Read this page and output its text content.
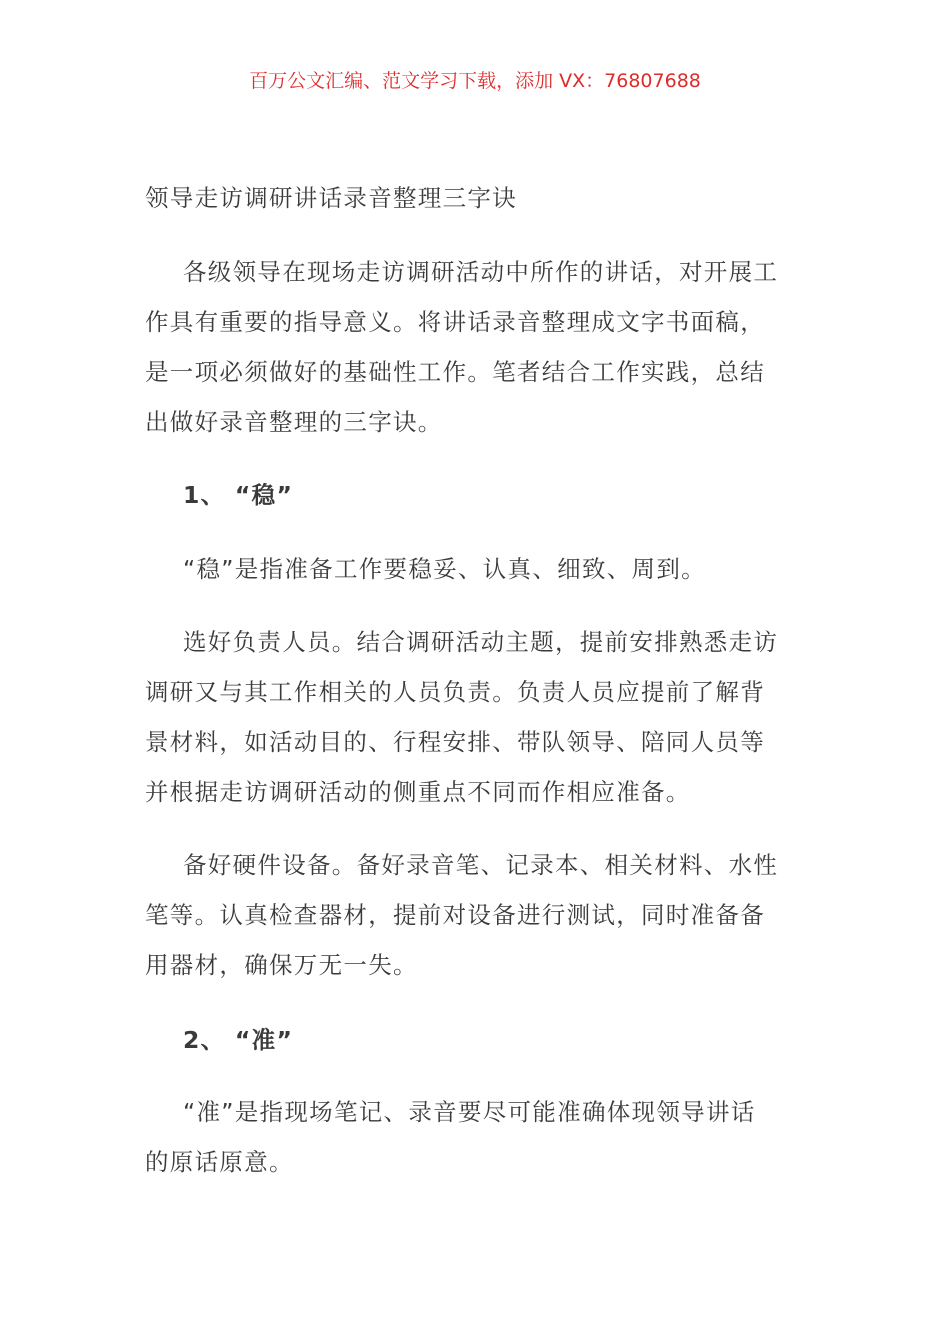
百万公文汇编、范文学习下载，添加 VX：76807688
领导走访调研讲话录音整理三字诀
各级领导在现场走访调研活动中所作的讲话，对开展工
作具有重要的指导意义。将讲话录音整理成文字书面稿，
是一项必须做好的基础性工作。笔者结合工作实践，总结
出做好录音整理的三字诀。
1、 “稳”
“稳”是指准备工作要稳妥、认真、细致、周到。
选好负责人员。结合调研活动主题，提前安排熟悉走访
调研又与其工作相关的人员负责。负责人员应提前了解背
景材料，如活动目的、行程安排、带队领导、陪同人员等
并根据走访调研活动的侧重点不同而作相应准备。
备好硬件设备。备好录音笔、记录本、相关材料、水性
笔等。认真检查器材，提前对设备进行测试，同时准备备
用器材，确保万无一失。
2、 “准”
“准”是指现场笔记、录音要尽可能准确体现领导讲话
的原话原意。
